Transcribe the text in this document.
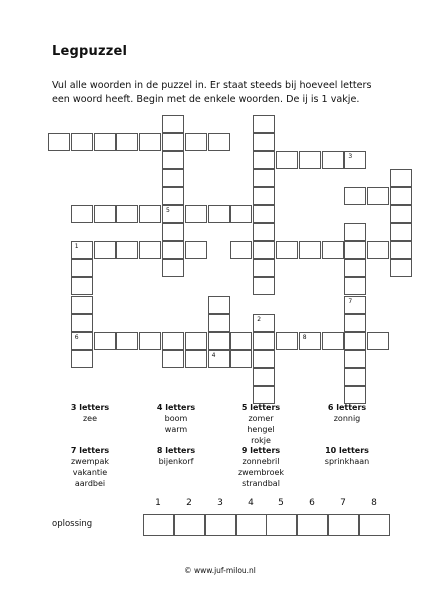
Legpuzzel

Vul alle woorden in de puzzel in. Er staat steeds bij hoeveel letters een woord heeft. Begin met de enkele woorden. De ij is 1 vakje.

3
5
1
6	8
4
2
7
3 letters
zee
4 letters
boom
warm
5 letters
zomer
hengel
rokje
6 letters
zonnig
7 letters
zwempak
vakantie
aardbei
8 letters
bijenkorf
9 letters
zonnebril
zwembroek
strandbal
10 letters
sprinkhaan
1	2	3	4	5	6	7	8
oplossing
© www.juf-milou.nl
